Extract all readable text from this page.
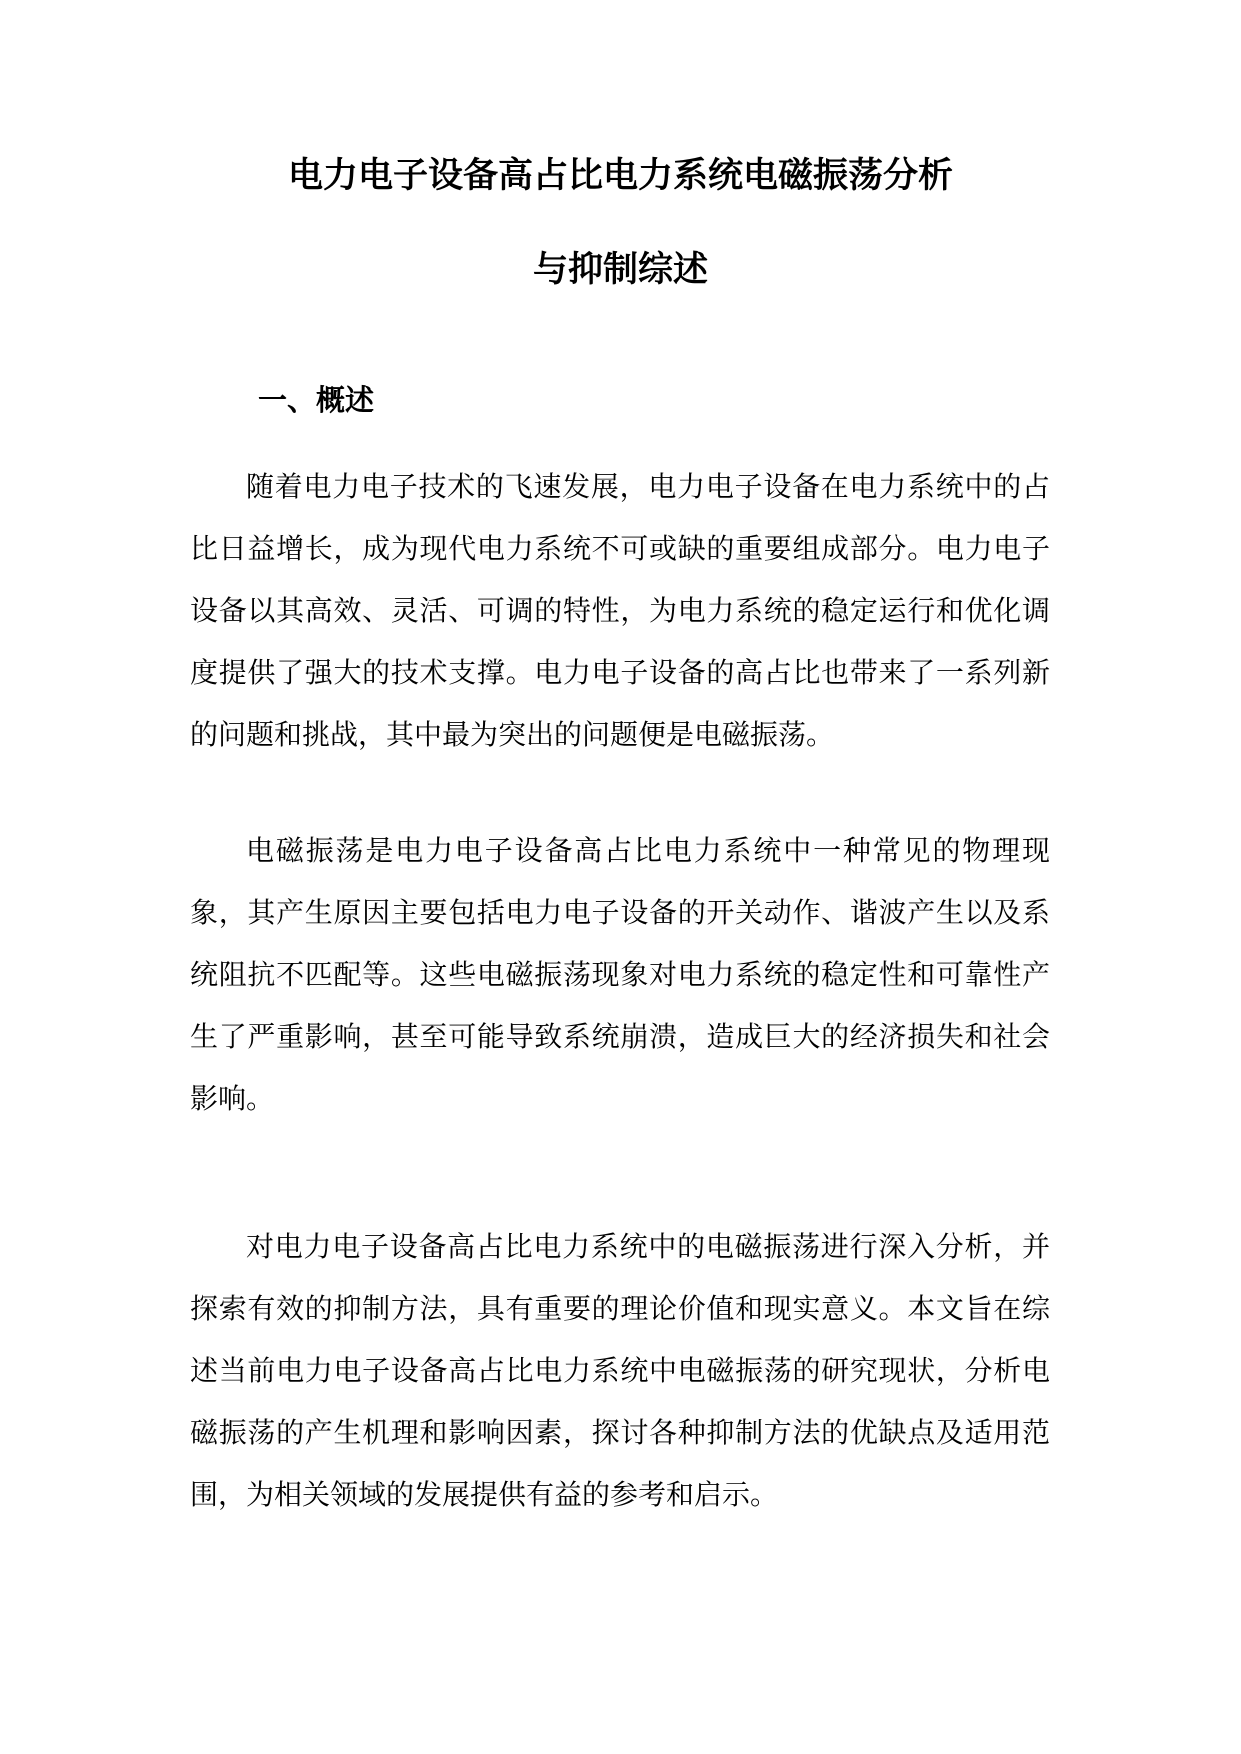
电力电子设备高占比电力系统电磁振荡分析
与抑制综述
一、概述

随着电力电子技术的飞速发展，电力电子设备在电力系统中的占比日益增长，成为现代电力系统不可或缺的重要组成部分。电力电子设备以其高效、灵活、可调的特性，为电力系统的稳定运行和优化调度提供了强大的技术支撑。电力电子设备的高占比也带来了一系列新的问题和挑战，其中最为突出的问题便是电磁振荡。

电磁振荡是电力电子设备高占比电力系统中一种常见的物理现象，其产生原因主要包括电力电子设备的开关动作、谐波产生以及系统阻抗不匹配等。这些电磁振荡现象对电力系统的稳定性和可靠性产生了严重影响，甚至可能导致系统崩溃，造成巨大的经济损失和社会影响。

对电力电子设备高占比电力系统中的电磁振荡进行深入分析，并探索有效的抑制方法，具有重要的理论价值和现实意义。本文旨在综述当前电力电子设备高占比电力系统中电磁振荡的研究现状，分析电磁振荡的产生机理和影响因素，探讨各种抑制方法的优缺点及适用范围，为相关领域的发展提供有益的参考和启示。
